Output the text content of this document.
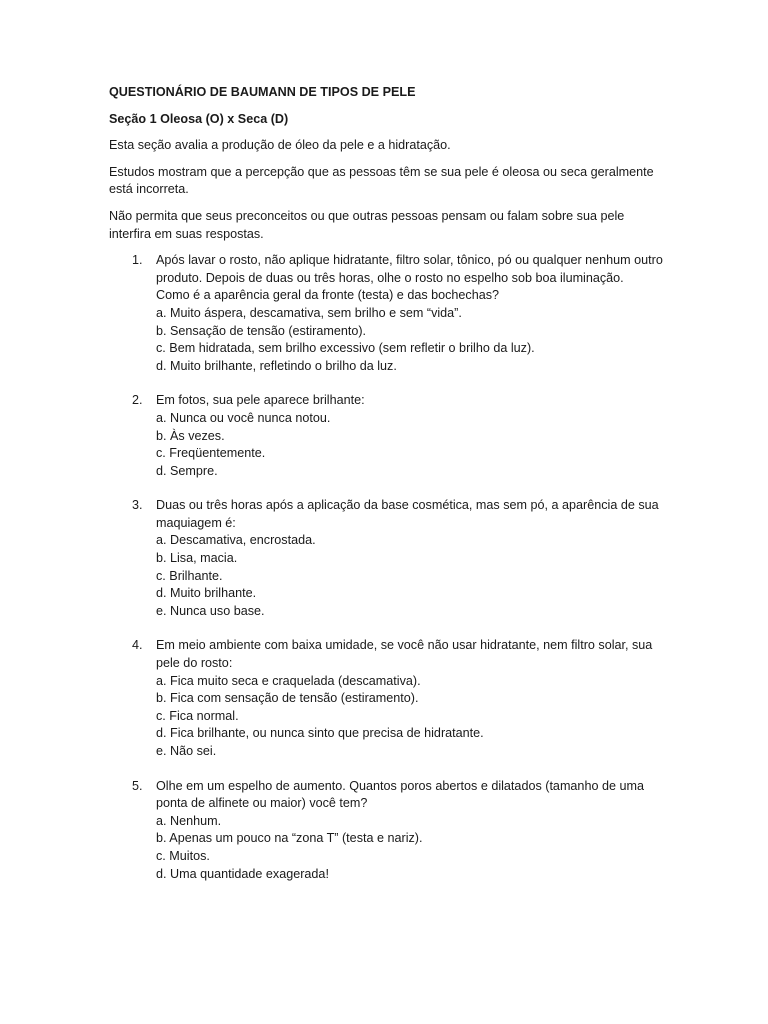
QUESTIONÁRIO DE BAUMANN DE TIPOS DE PELE
Seção 1 Oleosa (O) x Seca (D)

Esta seção avalia a produção de óleo da pele e a hidratação.

Estudos mostram que a percepção que as pessoas têm se sua pele é oleosa ou seca geralmente está incorreta.

Não permita que seus preconceitos ou que outras pessoas pensam ou falam sobre sua pele interfira em suas respostas.

1. Após lavar o rosto, não aplique hidratante, filtro solar, tônico, pó ou qualquer nenhum outro produto. Depois de duas ou três horas, olhe o rosto no espelho sob boa iluminação.
Como é a aparência geral da fronte (testa) e das bochechas?
a. Muito áspera, descamativa, sem brilho e sem “vida”.
b. Sensação de tensão (estiramento).
c. Bem hidratada, sem brilho excessivo (sem refletir o brilho da luz).
d. Muito brilhante, refletindo o brilho da luz.
2. Em fotos, sua pele aparece brilhante:
a. Nunca ou você nunca notou.
b. Às vezes.
c. Freqüentemente.
d. Sempre.
3. Duas ou três horas após a aplicação da base cosmética, mas sem pó, a aparência de sua maquiagem é:
a. Descamativa, encrostada.
b. Lisa, macia.
c. Brilhante.
d. Muito brilhante.
e. Nunca uso base.
4. Em meio ambiente com baixa umidade, se você não usar hidratante, nem filtro solar, sua pele do rosto:
a. Fica muito seca e craquelada (descamativa).
b. Fica com sensação de tensão (estiramento).
c. Fica normal.
d. Fica brilhante, ou nunca sinto que precisa de hidratante.
e. Não sei.
5. Olhe em um espelho de aumento. Quantos poros abertos e dilatados (tamanho de uma ponta de alfinete ou maior) você tem?
a. Nenhum.
b. Apenas um pouco na “zona T” (testa e nariz).
c. Muitos.
d. Uma quantidade exagerada!
